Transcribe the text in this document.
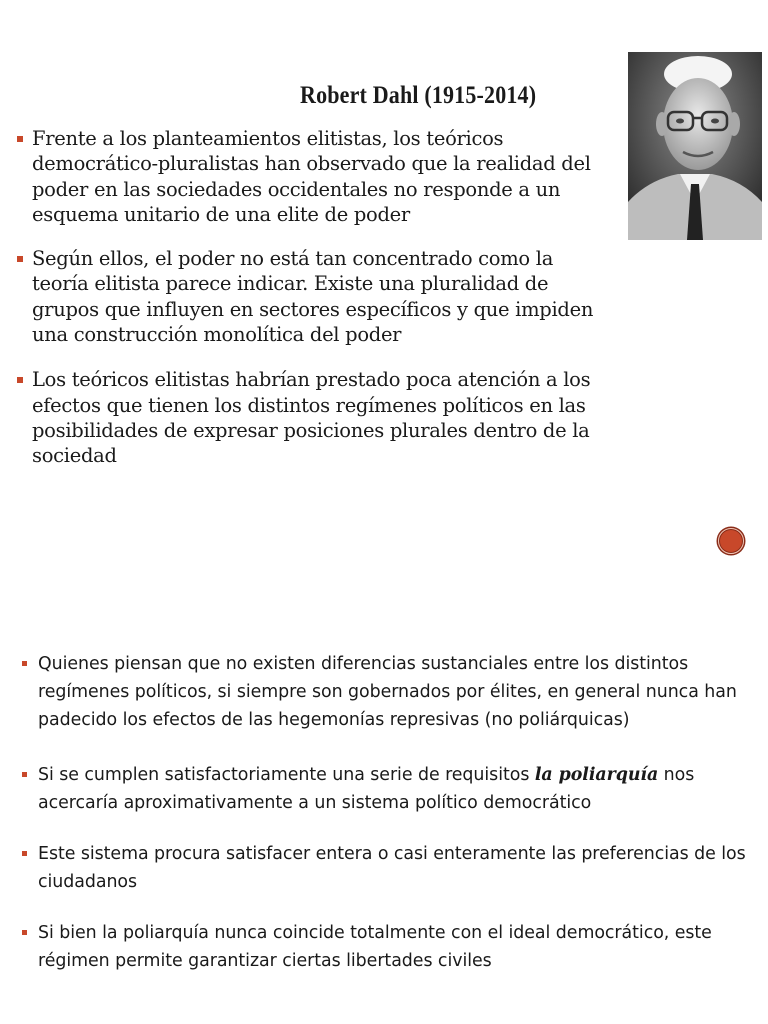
Robert Dahl (1915-2014)
Frente a los planteamientos elitistas, los teóricos democrático-pluralistas han observado que la realidad del poder en las sociedades occidentales no responde a un esquema unitario de una elite de poder
Según ellos, el poder no está tan concentrado como la teoría elitista parece indicar. Existe una pluralidad de grupos que influyen en sectores específicos y que impiden una construcción monolítica del poder
Los teóricos elitistas habrían prestado poca atención a los efectos que tienen los distintos regímenes políticos en las posibilidades de expresar posiciones plurales dentro de la sociedad
Quienes piensan que no existen diferencias sustanciales entre los distintos regímenes políticos, si siempre son gobernados por élites, en general nunca han padecido los efectos de las hegemonías represivas (no poliárquicas)
Si se cumplen satisfactoriamente una serie de requisitos la poliarquía nos acercaría aproximativamente a un sistema político democrático
Este sistema procura satisfacer entera o casi enteramente las preferencias de los ciudadanos
Si bien la poliarquía nunca coincide totalmente con el ideal democrático, este régimen permite garantizar ciertas libertades civiles
